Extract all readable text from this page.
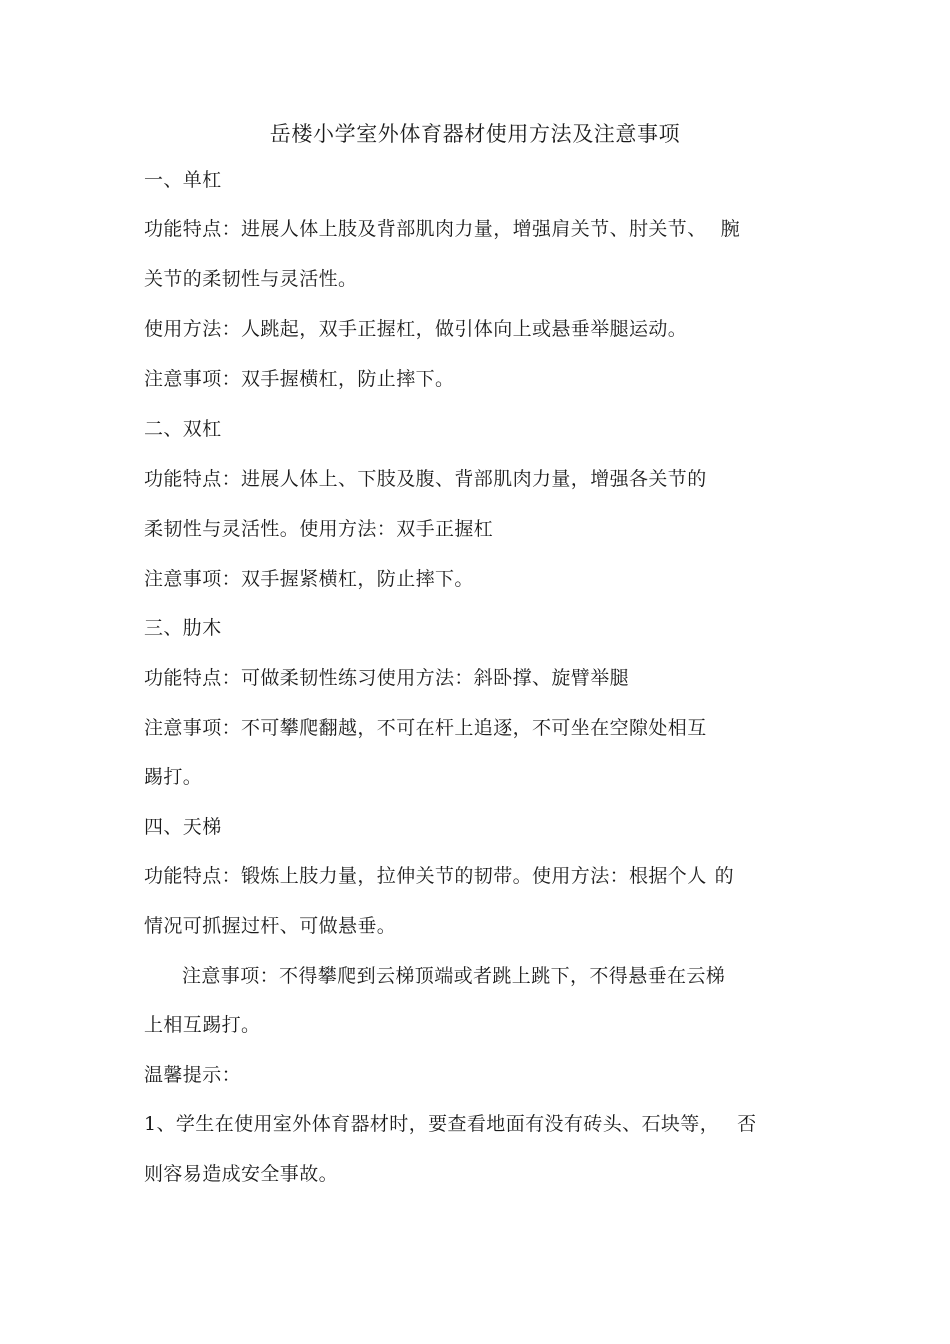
岳楼小学室外体育器材使用方法及注意事项
一、单杠
功能特点：进展人体上肢及背部肌肉力量，增强肩关节、肘关节、 腕
关节的柔韧性与灵活性。
使用方法：人跳起，双手正握杠，做引体向上或悬垂举腿运动。
注意事项：双手握横杠，防止摔下。
二、双杠
功能特点：进展人体上、下肢及腹、背部肌肉力量，增强各关节的
柔韧性与灵活性。使用方法：双手正握杠
注意事项：双手握紧横杠，防止摔下。
三、肋木
功能特点：可做柔韧性练习使用方法：斜卧撑、旋臂举腿
注意事项：不可攀爬翻越，不可在杆上追逐，不可坐在空隙处相互
踢打。
四、天梯
功能特点：锻炼上肢力量，拉伸关节的韧带。使用方法：根据个人 的
情况可抓握过杆、可做悬垂。
注意事项：不得攀爬到云梯顶端或者跳上跳下，不得悬垂在云梯
上相互踢打。
温馨提示：
1、学生在使用室外体育器材时，要查看地面有没有砖头、石块等， 否
则容易造成安全事故。
